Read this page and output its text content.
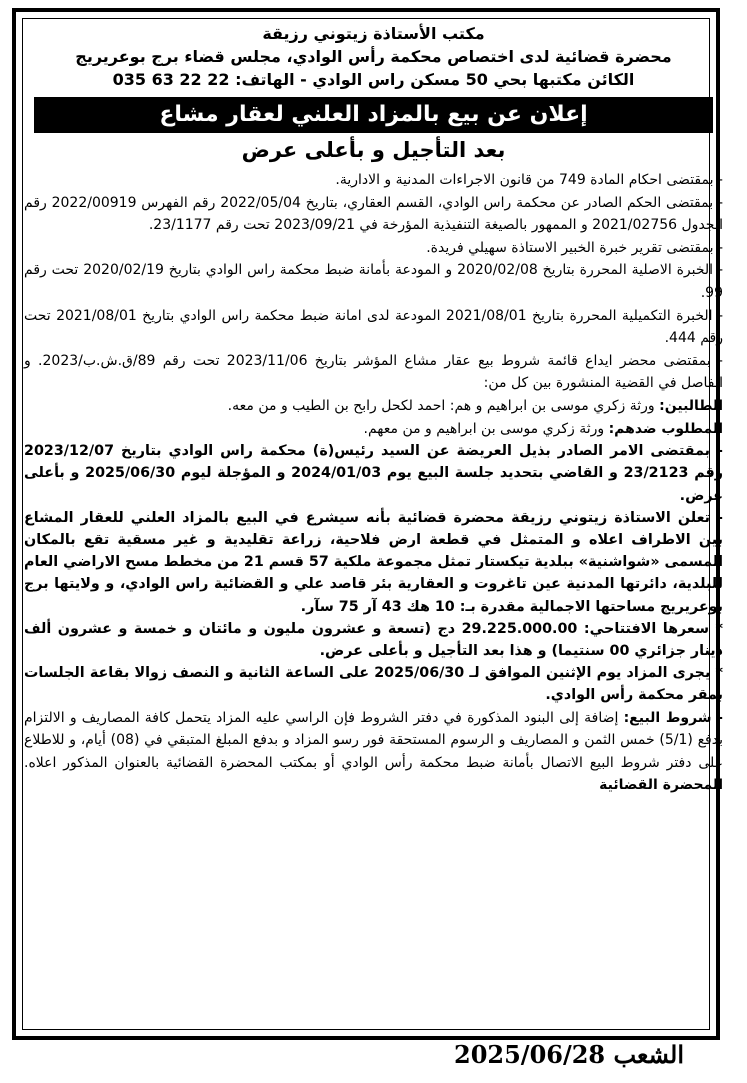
مكتب الأستاذة زيتوني رزيقة

محضرة قضائية لدى اختصاص محكمة رأس الوادي، مجلس قضاء برج بوعريريج

الكائن مكتبها بحي 50 مسكن راس الوادي - الهاتف: 22 22 63 035

إعلان عن بيع بالمزاد العلني لعقار مشاع
بعد التأجيل و بأعلى عرض

- بمقتضى احكام المادة 749 من قانون الاجراءات المدنية و الادارية.

- بمقتضى الحكم الصادر عن محكمة راس الوادي، القسم العقاري، بتاريخ 2022/05/04 رقم الفهرس 2022/00919 رقم الجدول 2021/02756 و الممهور بالصيغة التنفيذية المؤرخة في 2023/09/21 تحت رقم 23/1177.

- بمقتضى تقرير خبرة الخبير الاستاذة سهيلي فريدة.

- الخبرة الاصلية المحررة بتاريخ 2020/02/08 و المودعة بأمانة ضبط محكمة راس الوادي بتاريخ 2020/02/19 تحت رقم 99.

- الخبرة التكميلية المحررة بتاريخ 2021/08/01 المودعة لدى امانة ضبط محكمة راس الوادي بتاريخ 2021/08/01 تحت رقم 444.

- بمقتضى محضر ايداع قائمة شروط بيع عقار مشاع المؤشر بتاريخ 2023/11/06 تحت رقم 89/ق.ش.ب/2023. و الفاصل في القضية المنشورة بين كل من:

الطالبين: ورثة زكري موسى بن ابراهيم و هم: احمد لكحل رابح بن الطيب و من معه.

المطلوب ضدهم: ورثة زكري موسى بن ابراهيم و من معهم.

- بمقتضى الامر الصادر بذيل العريضة عن السيد رئيس(ة) محكمة راس الوادي بتاريخ 2023/12/07 رقم 23/2123 و القاضي بتحديد جلسة البيع يوم 2024/01/03 و المؤجلة ليوم 2025/06/30 و بأعلى عرض.

- تعلن الاستاذة زيتوني رزيقة محضرة قضائية بأنه سيشرع في البيع بالمزاد العلني للعقار المشاع بين الاطراف اعلاه و المتمثل في قطعة ارض فلاحية، زراعة تقليدية و غير مسقية تقع بالمكان المسمى «شواشنية» ببلدية تيكستار تمثل مجموعة ملكية 57 قسم 21 من مخطط مسح الاراضي العام للبلدية، دائرتها المدنية عين تاغروت و العقارية بئر قاصد علي و القضائية راس الوادي، و ولايتها برج بوعريريج مساحتها الاجمالية مقدرة بـ: 10 هك 43 آر 75 سآر.

* سعرها الافتتاحي: 29.225.000.00 دج (تسعة و عشرون مليون و مائتان و خمسة و عشرون ألف دينار جزائري 00 سنتيما) و هذا بعد التأجيل و بأعلى عرض.

* يجرى المزاد يوم الإثنين الموافق لـ 2025/06/30 على الساعة الثانية و النصف زوالا بقاعة الجلسات بمقر محكمة رأس الوادي.

- شروط البيع: إضافة إلى البنود المذكورة في دفتر الشروط فإن الراسي عليه المزاد يتحمل كافة المصاريف و الالتزام بدفع (5/1) خمس الثمن و المصاريف و الرسوم المستحقة فور رسو المزاد و بدفع المبلغ المتبقي في (08) أيام، و للاطلاع على دفتر شروط البيع الاتصال بأمانة ضبط محكمة رأس الوادي أو بمكتب المحضرة القضائية بالعنوان المذكور اعلاه. المحضرة القضائية

الشعب 2025/06/28
